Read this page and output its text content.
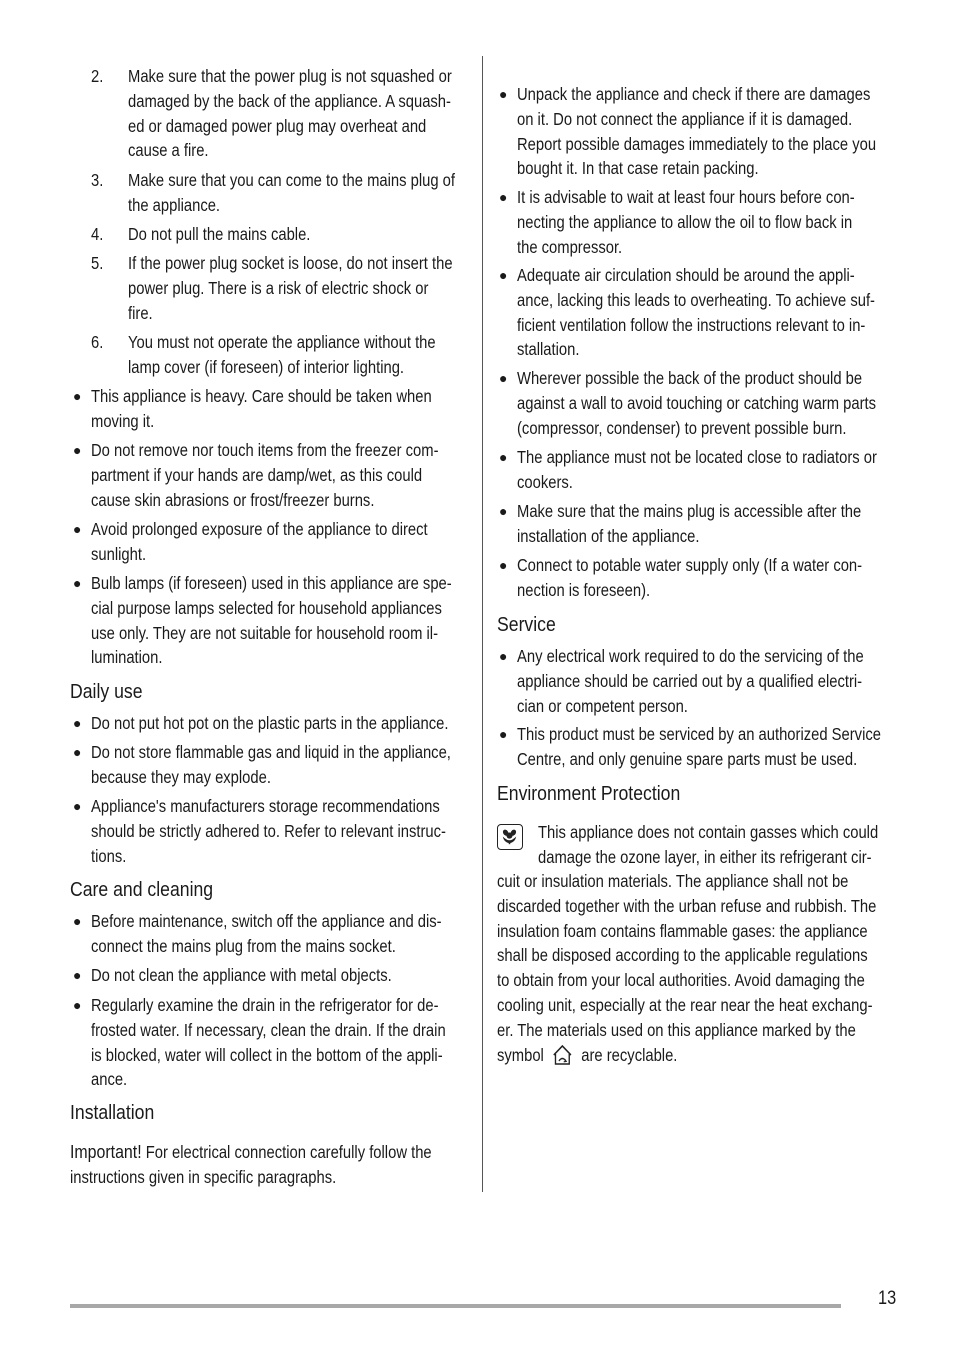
2. Make sure that the power plug is not squashed or
damaged by the back of the appliance. A squash-
ed or damaged power plug may overheat and
cause a fire.
3. Make sure that you can come to the mains plug of
the appliance.
4. Do not pull the mains cable.
5. If the power plug socket is loose, do not insert the
power plug. There is a risk of electric shock or
fire.
6. You must not operate the appliance without the
lamp cover (if foreseen) of interior lighting.
● This appliance is heavy. Care should be taken when
moving it.
● Do not remove nor touch items from the freezer com-
partment if your hands are damp/wet, as this could
cause skin abrasions or frost/freezer burns.
● Avoid prolonged exposure of the appliance to direct
sunlight.
● Bulb lamps (if foreseen) used in this appliance are spe-
cial purpose lamps selected for household appliances
use only. They are not suitable for household room il-
lumination.
Daily use
● Do not put hot pot on the plastic parts in the appliance.
● Do not store flammable gas and liquid in the appliance,
because they may explode.
● Appliance's manufacturers storage recommendations
should be strictly adhered to. Refer to relevant instruc-
tions.
Care and cleaning
● Before maintenance, switch off the appliance and dis-
connect the mains plug from the mains socket.
● Do not clean the appliance with metal objects.
● Regularly examine the drain in the refrigerator for de-
frosted water. If necessary, clean the drain. If the drain
is blocked, water will collect in the bottom of the appli-
ance.
Installation
Important! For electrical connection carefully follow the
instructions given in specific paragraphs.
● Unpack the appliance and check if there are damages
on it. Do not connect the appliance if it is damaged.
Report possible damages immediately to the place you
bought it. In that case retain packing.
● It is advisable to wait at least four hours before con-
necting the appliance to allow the oil to flow back in
the compressor.
● Adequate air circulation should be around the appli-
ance, lacking this leads to overheating. To achieve suf-
ficient ventilation follow the instructions relevant to in-
stallation.
● Wherever possible the back of the product should be
against a wall to avoid touching or catching warm parts
(compressor, condenser) to prevent possible burn.
● The appliance must not be located close to radiators or
cookers.
● Make sure that the mains plug is accessible after the
installation of the appliance.
● Connect to potable water supply only (If a water con-
nection is foreseen).
Service
● Any electrical work required to do the servicing of the
appliance should be carried out by a qualified electri-
cian or competent person.
● This product must be serviced by an authorized Service
Centre, and only genuine spare parts must be used.
Environment Protection
This appliance does not contain gasses which could
damage the ozone layer, in either its refrigerant cir-
cuit or insulation materials. The appliance shall not be
discarded together with the urban refuse and rubbish. The
insulation foam contains flammable gases: the appliance
shall be disposed according to the applicable regulations
to obtain from your local authorities. Avoid damaging the
cooling unit, especially at the rear near the heat exchang-
er. The materials used on this appliance marked by the
symbol are recyclable.
13
